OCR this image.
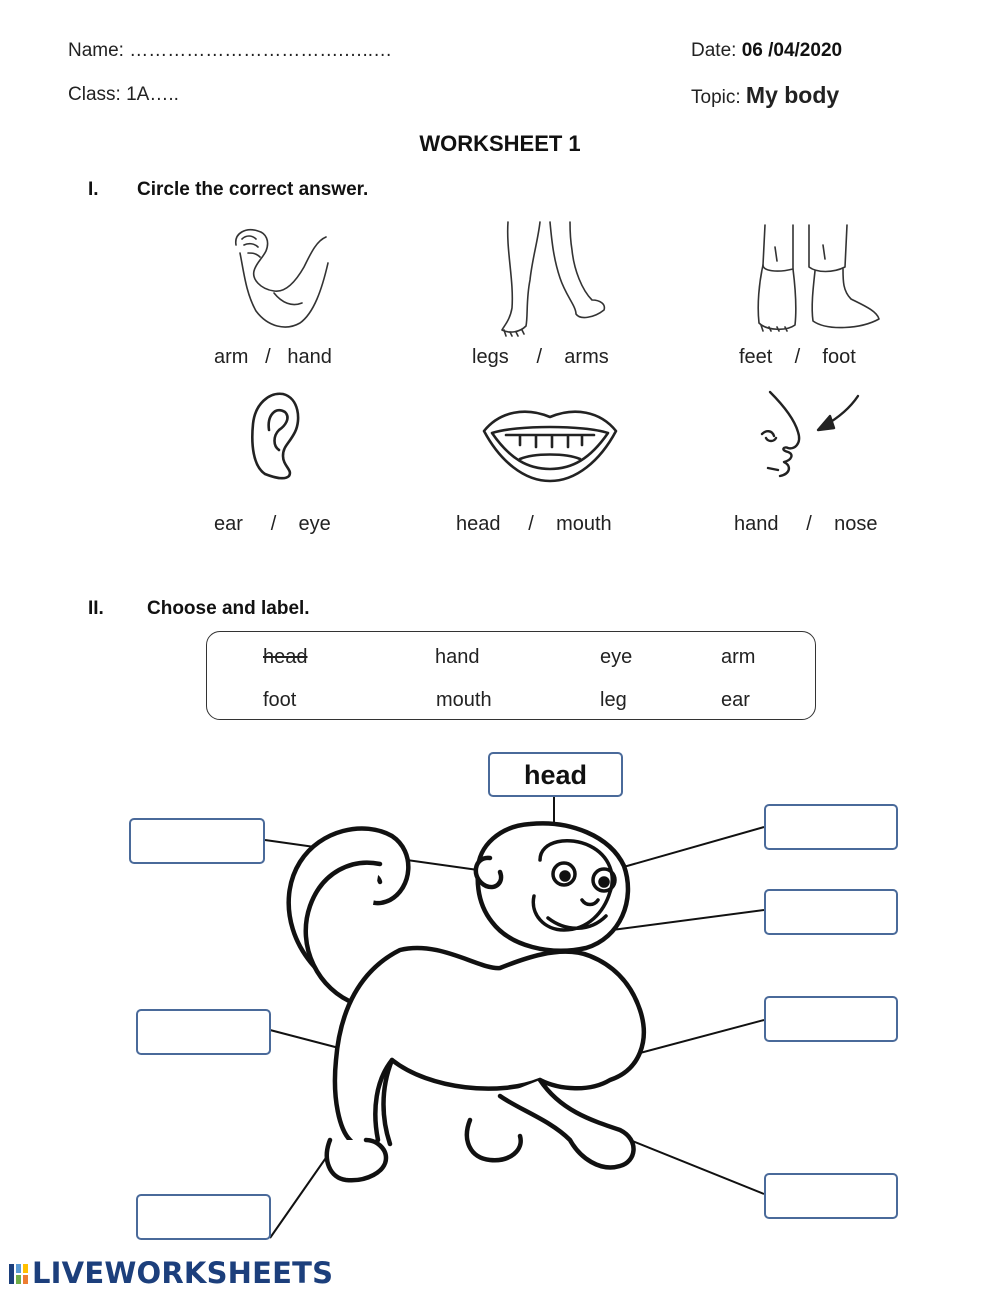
Name: …………………………….…..…
Class: 1A…..
Date: 06 /04/2020
Topic: My body
WORKSHEET 1
I. Circle the correct answer.
arm / hand	legs / arms	feet / foot
ear / eye	head / mouth	hand / nose
II. Choose and label.
head	hand	eye	arm
foot	mouth	leg	ear
head
LIVEWORKSHEETS
